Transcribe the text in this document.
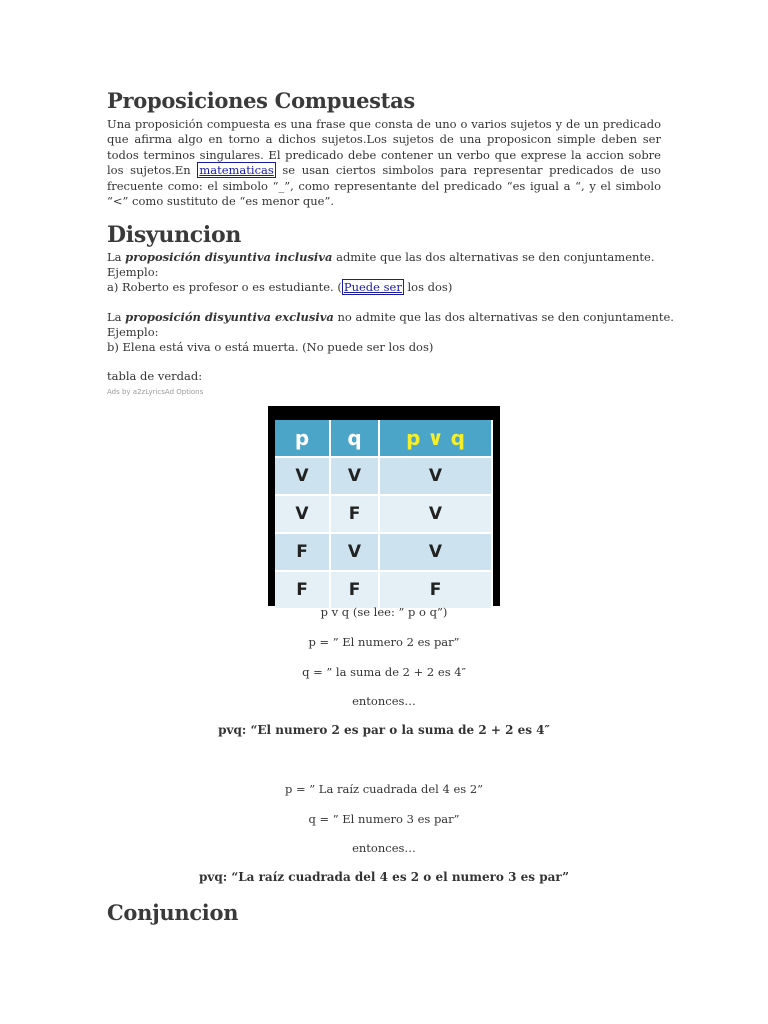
Proposiciones Compuestas
Una proposición compuesta es una frase que consta de uno o varios sujetos y de un predicado que afirma algo en torno a dichos sujetos.Los sujetos de una proposicon simple deben ser todos terminos singulares. El predicado debe contener un verbo que exprese la accion sobre los sujetos.En matematicas se usan ciertos simbolos para representar predicados de uso frecuente como: el simbolo “_”, como representante del predicado “es igual a “, y el simbolo “<” como sustituto de “es menor que”.
Disyuncion
La proposición disyuntiva inclusiva admite que las dos alternativas se den conjuntamente.
Ejemplo:
a) Roberto es profesor o es estudiante. ( Puede ser los dos)
La proposición disyuntiva exclusiva no admite que las dos alternativas se den conjuntamente.
Ejemplo:
b) Elena está viva o está muerta. (No puede ser los dos)
tabla de verdad:
Ads by a2zLyricsAd Options
p	q	p ∨ q
V	V	V
V	F	V
F	V	V
F	F	F
p v q (se lee: ” p o q”)
p = ” El numero 2 es par”
q = ” la suma de 2 + 2 es 4″
entonces…
pvq: “El numero 2 es par o la suma de 2 + 2 es 4″
p = ” La raíz cuadrada del 4 es 2”
q = ” El numero 3 es par”
entonces…
pvq: “La raíz cuadrada del 4 es 2 o el numero 3 es par”
Conjuncion
